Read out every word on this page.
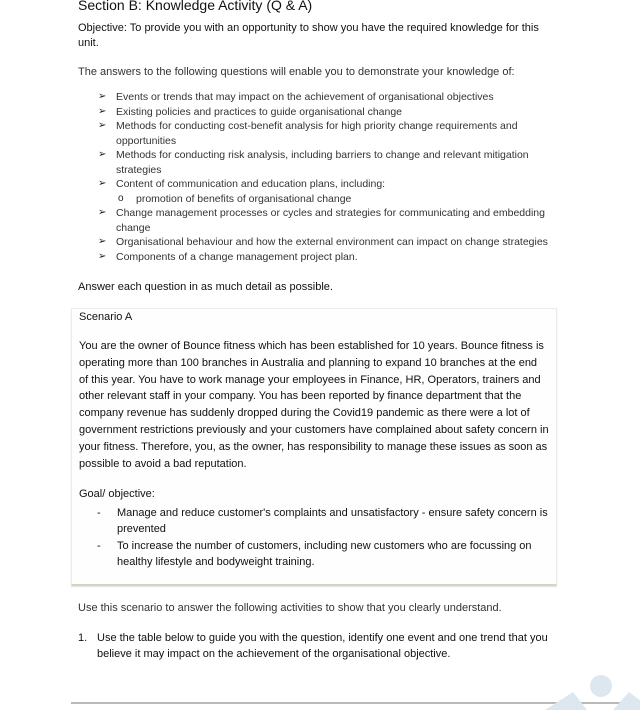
Section B: Knowledge Activity (Q & A)
Objective: To provide you with an opportunity to show you have the required knowledge for this unit.
The answers to the following questions will enable you to demonstrate your knowledge of:
➢ Events or trends that may impact on the achievement of organisational objectives
➢ Existing policies and practices to guide organisational change
➢ Methods for conducting cost-benefit analysis for high priority change requirements and opportunities
➢ Methods for conducting risk analysis, including barriers to change and relevant mitigation strategies
➢ Content of communication and education plans, including:
o promotion of benefits of organisational change
➢ Change management processes or cycles and strategies for communicating and embedding change
➢ Organisational behaviour and how the external environment can impact on change strategies
➢ Components of a change management project plan.
Answer each question in as much detail as possible.
Scenario A
You are the owner of Bounce fitness which has been established for 10 years. Bounce fitness is operating more than 100 branches in Australia and planning to expand 10 branches at the end of this year. You have to work manage your employees in Finance, HR, Operators, trainers and other relevant staff in your company. You has been reported by finance department that the company revenue has suddenly dropped during the Covid19 pandemic as there were a lot of government restrictions previously and your customers have complained about safety concern in your fitness. Therefore, you, as the owner, has responsibility to manage these issues as soon as possible to avoid a bad reputation.
Goal/ objective:
- Manage and reduce customer's complaints and unsatisfactory - ensure safety concern is prevented
- To increase the number of customers, including new customers who are focussing on healthy lifestyle and bodyweight training.
Use this scenario to answer the following activities to show that you clearly understand.
1. Use the table below to guide you with the question, identify one event and one trend that you believe it may impact on the achievement of the organisational objective.
